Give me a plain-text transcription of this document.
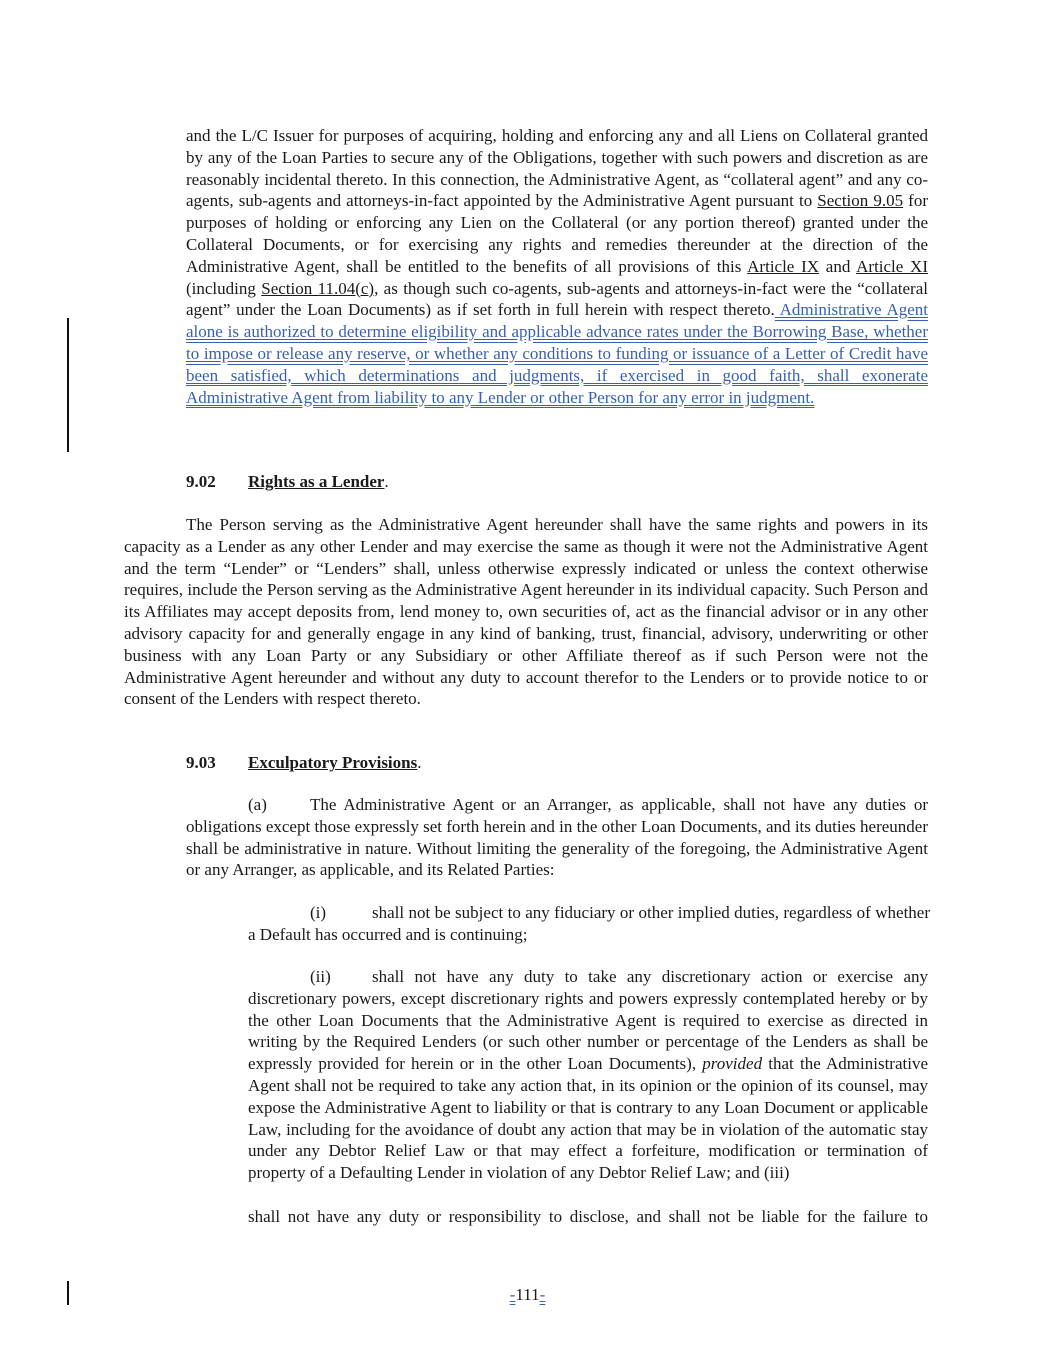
and the L/C Issuer for purposes of acquiring, holding and enforcing any and all Liens on Collateral granted by any of the Loan Parties to secure any of the Obligations, together with such powers and discretion as are reasonably incidental thereto. In this connection, the Administrative Agent, as “collateral agent” and any co-agents, sub-agents and attorneys-in-fact appointed by the Administrative Agent pursuant to Section 9.05 for purposes of holding or enforcing any Lien on the Collateral (or any portion thereof) granted under the Collateral Documents, or for exercising any rights and remedies thereunder at the direction of the Administrative Agent, shall be entitled to the benefits of all provisions of this Article IX and Article XI (including Section 11.04(c), as though such co-agents, sub-agents and attorneys-in-fact were the “collateral agent” under the Loan Documents) as if set forth in full herein with respect thereto. Administrative Agent alone is authorized to determine eligibility and applicable advance rates under the Borrowing Base, whether to impose or release any reserve, or whether any conditions to funding or issuance of a Letter of Credit have been satisfied, which determinations and judgments, if exercised in good faith, shall exonerate Administrative Agent from liability to any Lender or other Person for any error in judgment.

9.02 Rights as a Lender.

The Person serving as the Administrative Agent hereunder shall have the same rights and powers in its capacity as a Lender as any other Lender and may exercise the same as though it were not the Administrative Agent and the term “Lender” or “Lenders” shall, unless otherwise expressly indicated or unless the context otherwise requires, include the Person serving as the Administrative Agent hereunder in its individual capacity. Such Person and its Affiliates may accept deposits from, lend money to, own securities of, act as the financial advisor or in any other advisory capacity for and generally engage in any kind of banking, trust, financial, advisory, underwriting or other business with any Loan Party or any Subsidiary or other Affiliate thereof as if such Person were not the Administrative Agent hereunder and without any duty to account therefor to the Lenders or to provide notice to or consent of the Lenders with respect thereto.

9.03 Exculpatory Provisions.

(a)	The Administrative Agent or an Arranger, as applicable, shall not have any duties or obligations except those expressly set forth herein and in the other Loan Documents, and its duties hereunder shall be administrative in nature. Without limiting the generality of the foregoing, the Administrative Agent or any Arranger, as applicable, and its Related Parties:

(i)	shall not be subject to any fiduciary or other implied duties, regardless of whether a Default has occurred and is continuing;

(ii) shall not have any duty to take any discretionary action or exercise any discretionary powers, except discretionary rights and powers expressly contemplated hereby or by the other Loan Documents that the Administrative Agent is required to exercise as directed in writing by the Required Lenders (or such other number or percentage of the Lenders as shall be expressly provided for herein or in the other Loan Documents), provided that the Administrative Agent shall not be required to take any action that, in its opinion or the opinion of its counsel, may expose the Administrative Agent to liability or that is contrary to any Loan Document or applicable Law, including for the avoidance of doubt any action that may be in violation of the automatic stay under any Debtor Relief Law or that may effect a forfeiture, modification or termination of property of a Defaulting Lender in violation of any Debtor Relief Law; and (iii)

shall not have any duty or responsibility to disclose, and shall not be liable for the failure to

-111-
